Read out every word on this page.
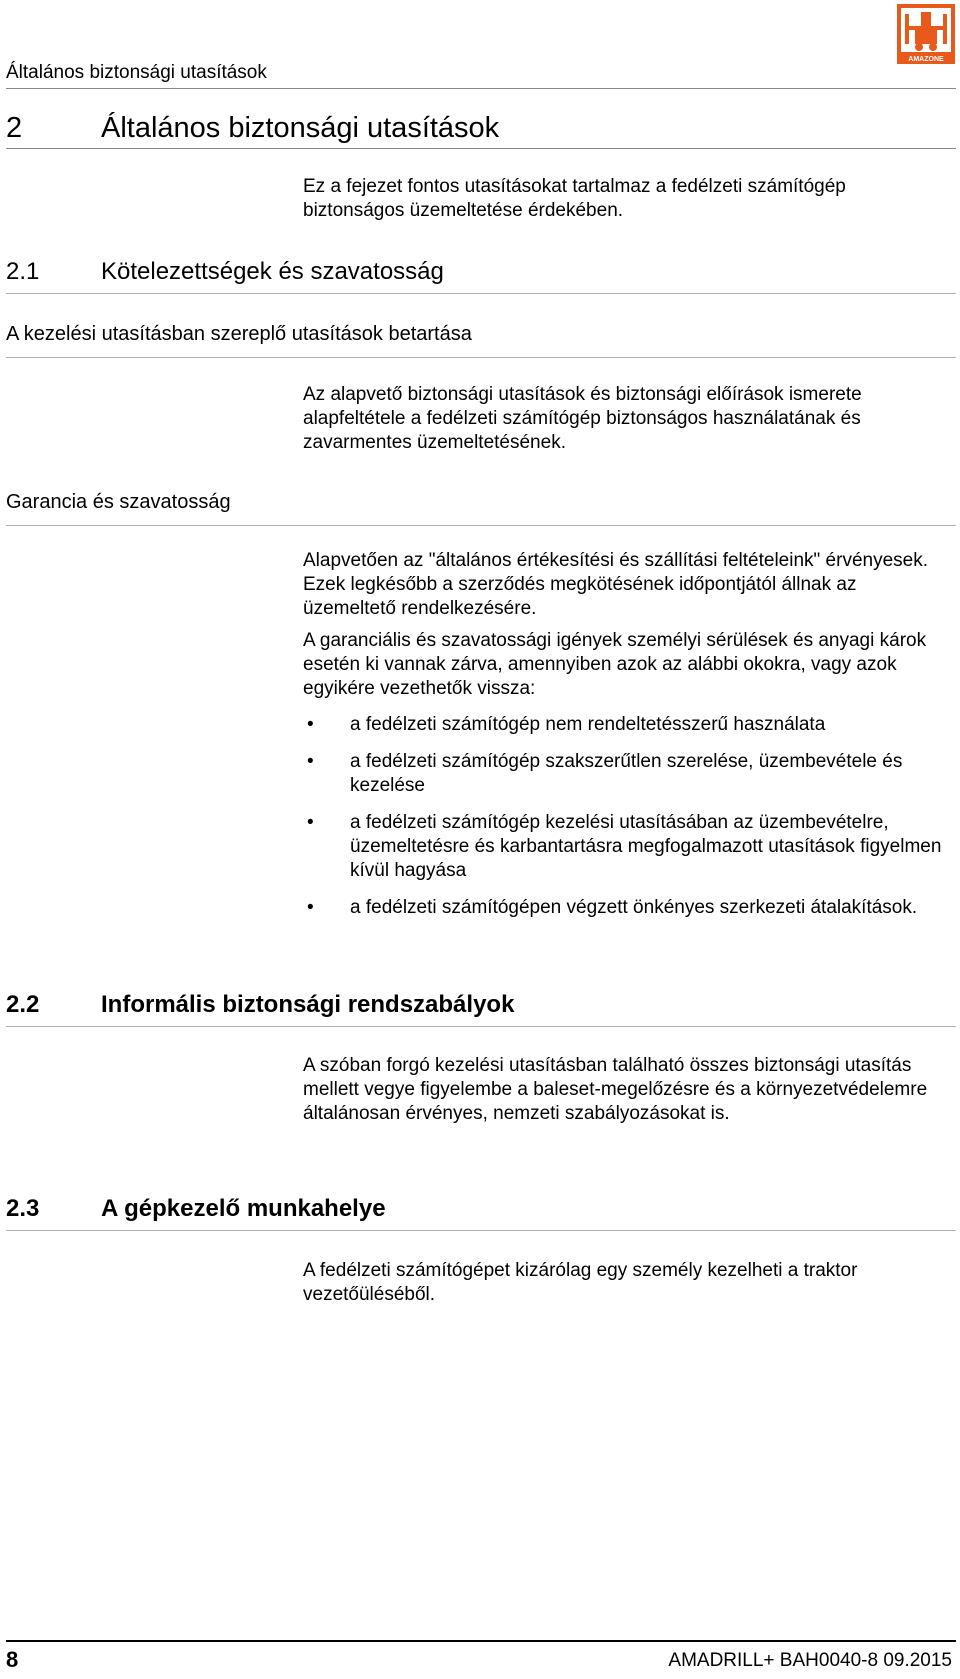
Általános biztonsági utasítások
AMAZONE
2	Általános biztonsági utasítások

Ez a fejezet fontos utasításokat tartalmaz a fedélzeti számítógép biztonságos üzemeltetése érdekében.

2.1	Kötelezettségek és szavatosság
A kezelési utasításban szereplő utasítások betartása

Az alapvető biztonsági utasítások és biztonsági előírások ismerete alapfeltétele a fedélzeti számítógép biztonságos használatának és zavarmentes üzemeltetésének.

Garancia és szavatosság

Alapvetően az "általános értékesítési és szállítási feltételeink" érvényesek. Ezek legkésőbb a szerződés megkötésének időpontjától állnak az üzemeltető rendelkezésére.

A garanciális és szavatossági igények személyi sérülések és anyagi károk esetén ki vannak zárva, amennyiben azok az alábbi okokra, vagy azok egyikére vezethetők vissza:

• a fedélzeti számítógép nem rendeltetésszerű használata
• a fedélzeti számítógép szakszerűtlen szerelése, üzembevétele és kezelése
• a fedélzeti számítógép kezelési utasításában az üzembevételre, üzemeltetésre és karbantartásra megfogalmazott utasítások figyelmen kívül hagyása
• a fedélzeti számítógépen végzett önkényes szerkezeti átalakítások.
2.2	Informális biztonsági rendszabályok

A szóban forgó kezelési utasításban található összes biztonsági utasítás mellett vegye figyelembe a baleset-megelőzésre és a környezetvédelemre általánosan érvényes, nemzeti szabályozásokat is.

2.3	A gépkezelő munkahelye

A fedélzeti számítógépet kizárólag egy személy kezelheti a traktor vezetőüléséből.

8	AMADRILL+ BAH0040-8 09.2015
